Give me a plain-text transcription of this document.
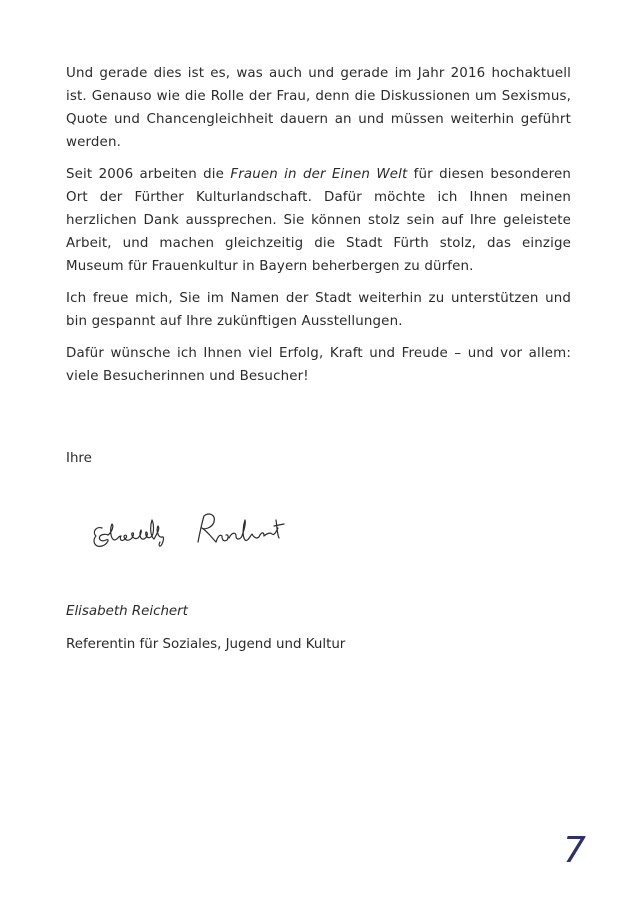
Und gerade dies ist es, was auch und gerade im Jahr 2016 hochaktuell ist. Genauso wie die Rolle der Frau, denn die Diskussionen um Sexismus, Quote und Chancengleichheit dauern an und müssen weiterhin geführt werden.

Seit 2006 arbeiten die Frauen in der Einen Welt für diesen besonderen Ort der Fürther Kulturlandschaft. Dafür möchte ich Ihnen meinen herzlichen Dank aussprechen. Sie können stolz sein auf Ihre geleistete Arbeit, und machen gleichzeitig die Stadt Fürth stolz, das einzige Museum für Frauenkultur in Bayern beherbergen zu dürfen.

Ich freue mich, Sie im Namen der Stadt weiterhin zu unterstützen und bin gespannt auf Ihre zukünftigen Ausstellungen.

Dafür wünsche ich Ihnen viel Erfolg, Kraft und Freude – und vor allem: viele Besucherinnen und Besucher!

Ihre
Elisabeth Reichert
Referentin für Soziales, Jugend und Kultur
7
